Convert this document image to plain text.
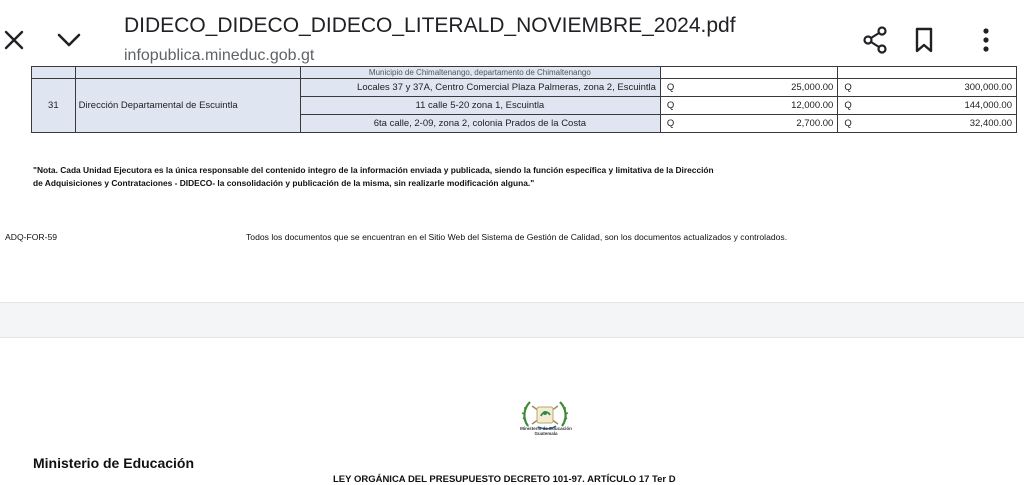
DIDECO_DIDECO_DIDECO_LITERALD_NOVIEMBRE_2024.pdf
infopublica.mineduc.gob.gt
		Municipio de Chimaltenango, departamento de Chimaltenango				
31	Dirección Departamental de Escuintla	Locales 37 y 37A, Centro Comercial Plaza Palmeras, zona 2, Escuintla	Q	25,000.00	Q	300,000.00
		11 calle 5-20 zona 1, Escuintla	Q	12,000.00	Q	144,000.00
		6ta calle, 2-09, zona 2, colonia Prados de la Costa	Q	2,700.00	Q	32,400.00
"Nota. Cada Unidad Ejecutora es la única responsable del contenido integro de la información enviada y publicada, siendo la función específica y limitativa de la Dirección
de Adquisiciones y Contrataciones - DIDECO- la consolidación y publicación de la misma, sin realizarle modificación alguna."
ADQ-FOR-59	Todos los documentos que se encuentran en el Sitio Web del Sistema de Gestión de Calidad, son los documentos actualizados y controlados.
Ministerio de Educación
Guatemala
Ministerio de Educación
LEY ORGÁNICA DEL PRESUPUESTO DECRETO 101-97. ARTÍCULO 17 Ter D
